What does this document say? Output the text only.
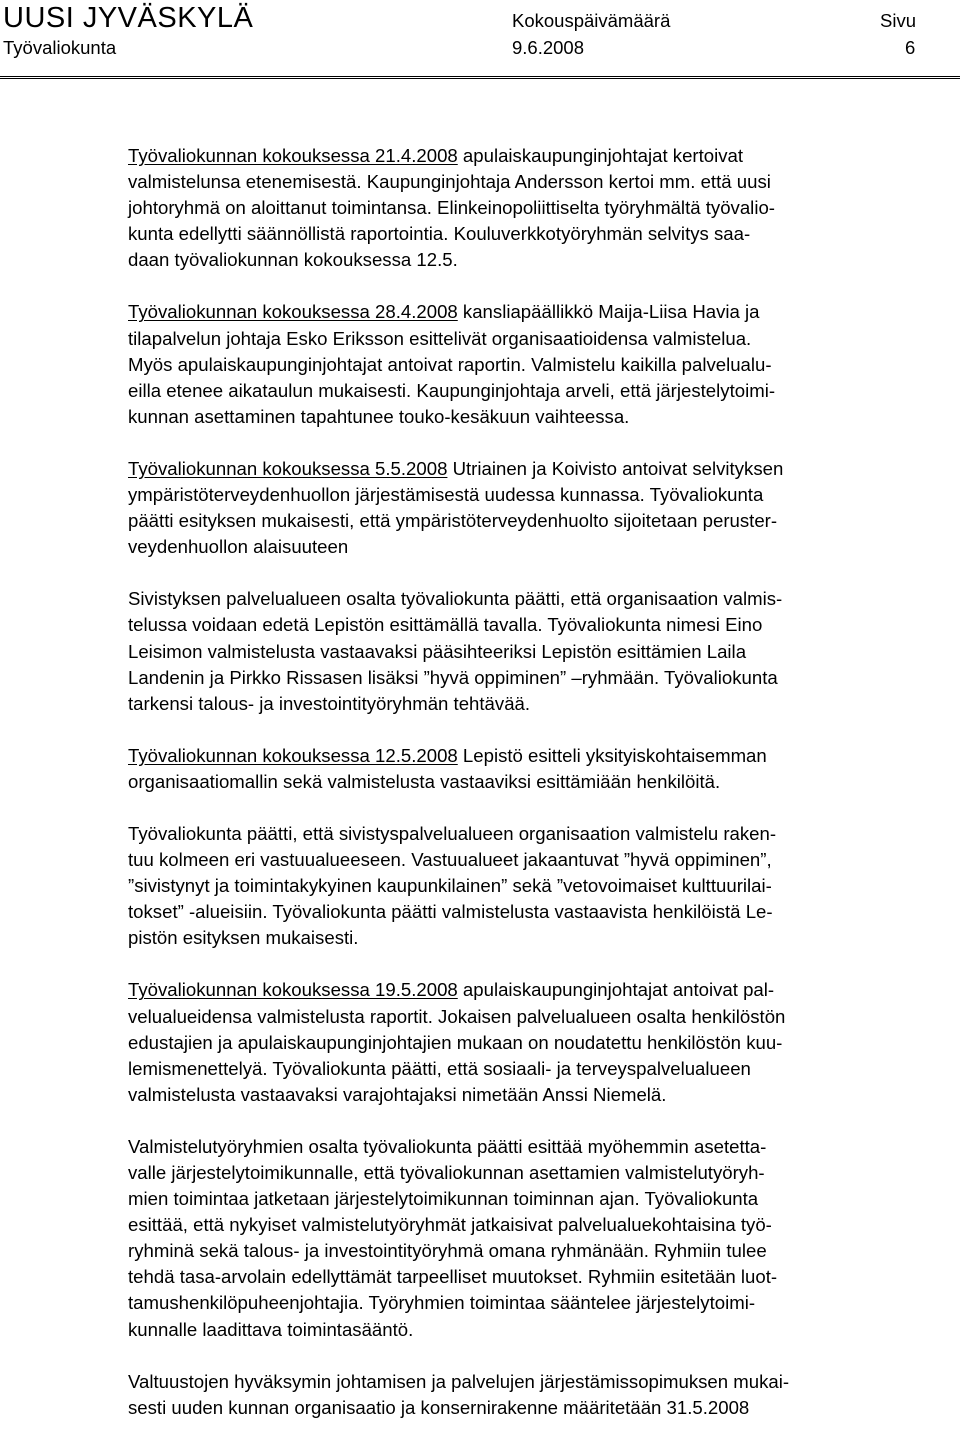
UUSI JYVÄSKYLÄ
Työvaliokunta
Kokouspäivämäärä
9.6.2008
Sivu
6

Työvaliokunnan kokouksessa 21.4.2008 apulaiskaupunginjohtajat kertoivat
valmistelunsa etenemisestä. Kaupunginjohtaja Andersson kertoi mm. että uusi
johtoryhmä on aloittanut toimintansa. Elinkeinopoliittiselta työryhmältä työvalio-
kunta edellytti säännöllistä raportointia. Kouluverkkotyöryhmän selvitys saa-
daan työvaliokunnan kokouksessa 12.5.

Työvaliokunnan kokouksessa 28.4.2008 kansliapäällikkö Maija-Liisa Havia ja
tilapalvelun johtaja Esko Eriksson esittelivät organisaatioidensa valmistelua.
Myös apulaiskaupunginjohtajat antoivat raportin. Valmistelu kaikilla palvelualu-
eilla etenee aikataulun mukaisesti. Kaupunginjohtaja arveli, että järjestelytoimi-
kunnan asettaminen tapahtunee touko-kesäkuun vaihteessa.

Työvaliokunnan kokouksessa 5.5.2008 Utriainen ja Koivisto antoivat selvityksen
ympäristöterveydenhuollon järjestämisestä uudessa kunnassa. Työvaliokunta
päätti esityksen mukaisesti, että ympäristöterveydenhuolto sijoitetaan peruster-
veydenhuollon alaisuuteen

Sivistyksen palvelualueen osalta työvaliokunta päätti, että organisaation valmis-
telussa voidaan edetä Lepistön esittämällä tavalla. Työvaliokunta nimesi Eino
Leisimon valmistelusta vastaavaksi pääsihteeriksi Lepistön esittämien Laila
Landenin ja Pirkko Rissasen lisäksi ”hyvä oppiminen” –ryhmään. Työvaliokunta
tarkensi talous- ja investointityöryhmän tehtävää.

Työvaliokunnan kokouksessa 12.5.2008 Lepistö esitteli yksityiskohtaisemman
organisaatiomallin sekä valmistelusta vastaaviksi esittämiään henkilöitä.

Työvaliokunta päätti, että sivistyspalvelualueen organisaation valmistelu raken-
tuu kolmeen eri vastuualueeseen. Vastuualueet jakaantuvat ”hyvä oppiminen”,
”sivistynyt ja toimintakykyinen kaupunkilainen” sekä ”vetovoimaiset kulttuurilai-
tokset” -alueisiin. Työvaliokunta päätti valmistelusta vastaavista henkilöistä Le-
pistön esityksen mukaisesti.

Työvaliokunnan kokouksessa 19.5.2008 apulaiskaupunginjohtajat antoivat pal-
velualueidensa valmistelusta raportit. Jokaisen palvelualueen osalta henkilöstön
edustajien ja apulaiskaupunginjohtajien mukaan on noudatettu henkilöstön kuu-
lemismenettelyä. Työvaliokunta päätti, että sosiaali- ja terveyspalvelualueen
valmistelusta vastaavaksi varajohtajaksi nimetään Anssi Niemelä.

Valmistelutyöryhmien osalta työvaliokunta päätti esittää myöhemmin asetetta-
valle järjestelytoimikunnalle, että työvaliokunnan asettamien valmistelutyöryh-
mien toimintaa jatketaan järjestelytoimikunnan toiminnan ajan. Työvaliokunta
esittää, että nykyiset valmistelutyöryhmät jatkaisivat palvelualuekohtaisina työ-
ryhminä sekä talous- ja investointityöryhmä omana ryhmänään. Ryhmiin tulee
tehdä tasa-arvolain edellyttämät tarpeelliset muutokset. Ryhmiin esitetään luot-
tamushenkilöpuheenjohtajia. Työryhmien toimintaa sääntelee järjestelytoimi-
kunnalle laadittava toimintasääntö.

Valtuustojen hyväksymin johtamisen ja palvelujen järjestämissopimuksen mukai-
sesti uuden kunnan organisaatio ja konsernirakenne määritetään 31.5.2008
